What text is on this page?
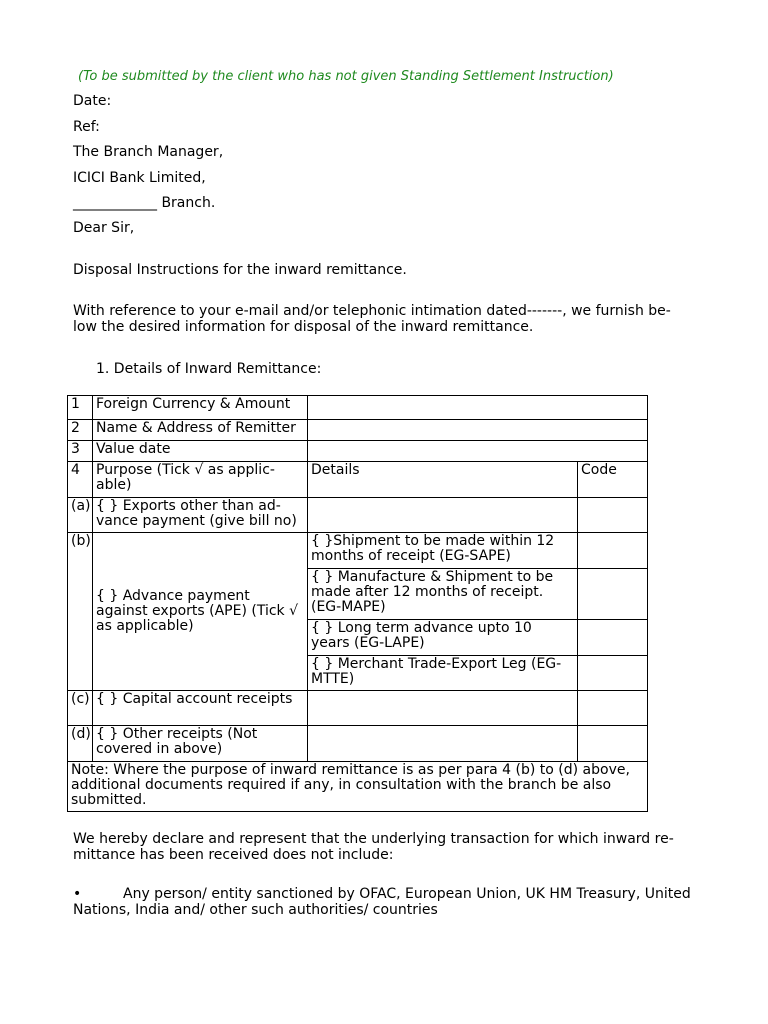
(To be submitted by the client who has not given Standing Settlement Instruction)
Date:
Ref:
The Branch Manager,
ICICI Bank Limited,
____________ Branch.
Dear Sir,
Disposal Instructions for the inward remittance.
With reference to your e-mail and/or telephonic intimation dated-------, we furnish be-low the desired information for disposal of the inward remittance.
1. Details of Inward Remittance:
1	Foreign Currency & Amount		
2	Name & Address of Remitter		
3	Value date		
4	Purpose (Tick √ as applic-able)	Details	Code
(a)	{ } Exports other than ad-vance payment (give bill no)		
(b)	{ } Advance payment against exports (APE) (Tick √ as applicable)	{ }Shipment to be made within 12 months of receipt (EG-SAPE)	
		{ } Manufacture & Shipment to be made after 12 months of receipt. (EG-MAPE)	
		{ } Long term advance upto 10 years (EG-LAPE)	
		{ } Merchant Trade-Export Leg (EG-MTTE)	
(c)	{ } Capital account receipts		
(d)	{ } Other receipts (Not covered in above)		
Note: Where the purpose of inward remittance is as per para 4 (b) to (d) above, additional documents required if any, in consultation with the branch be also submitted.			
We hereby declare and represent that the underlying transaction for which inward re-mittance has been received does not include:
•	Any person/ entity sanctioned by OFAC, European Union, UK HM Treasury, United Nations, India and/ other such authorities/ countries
